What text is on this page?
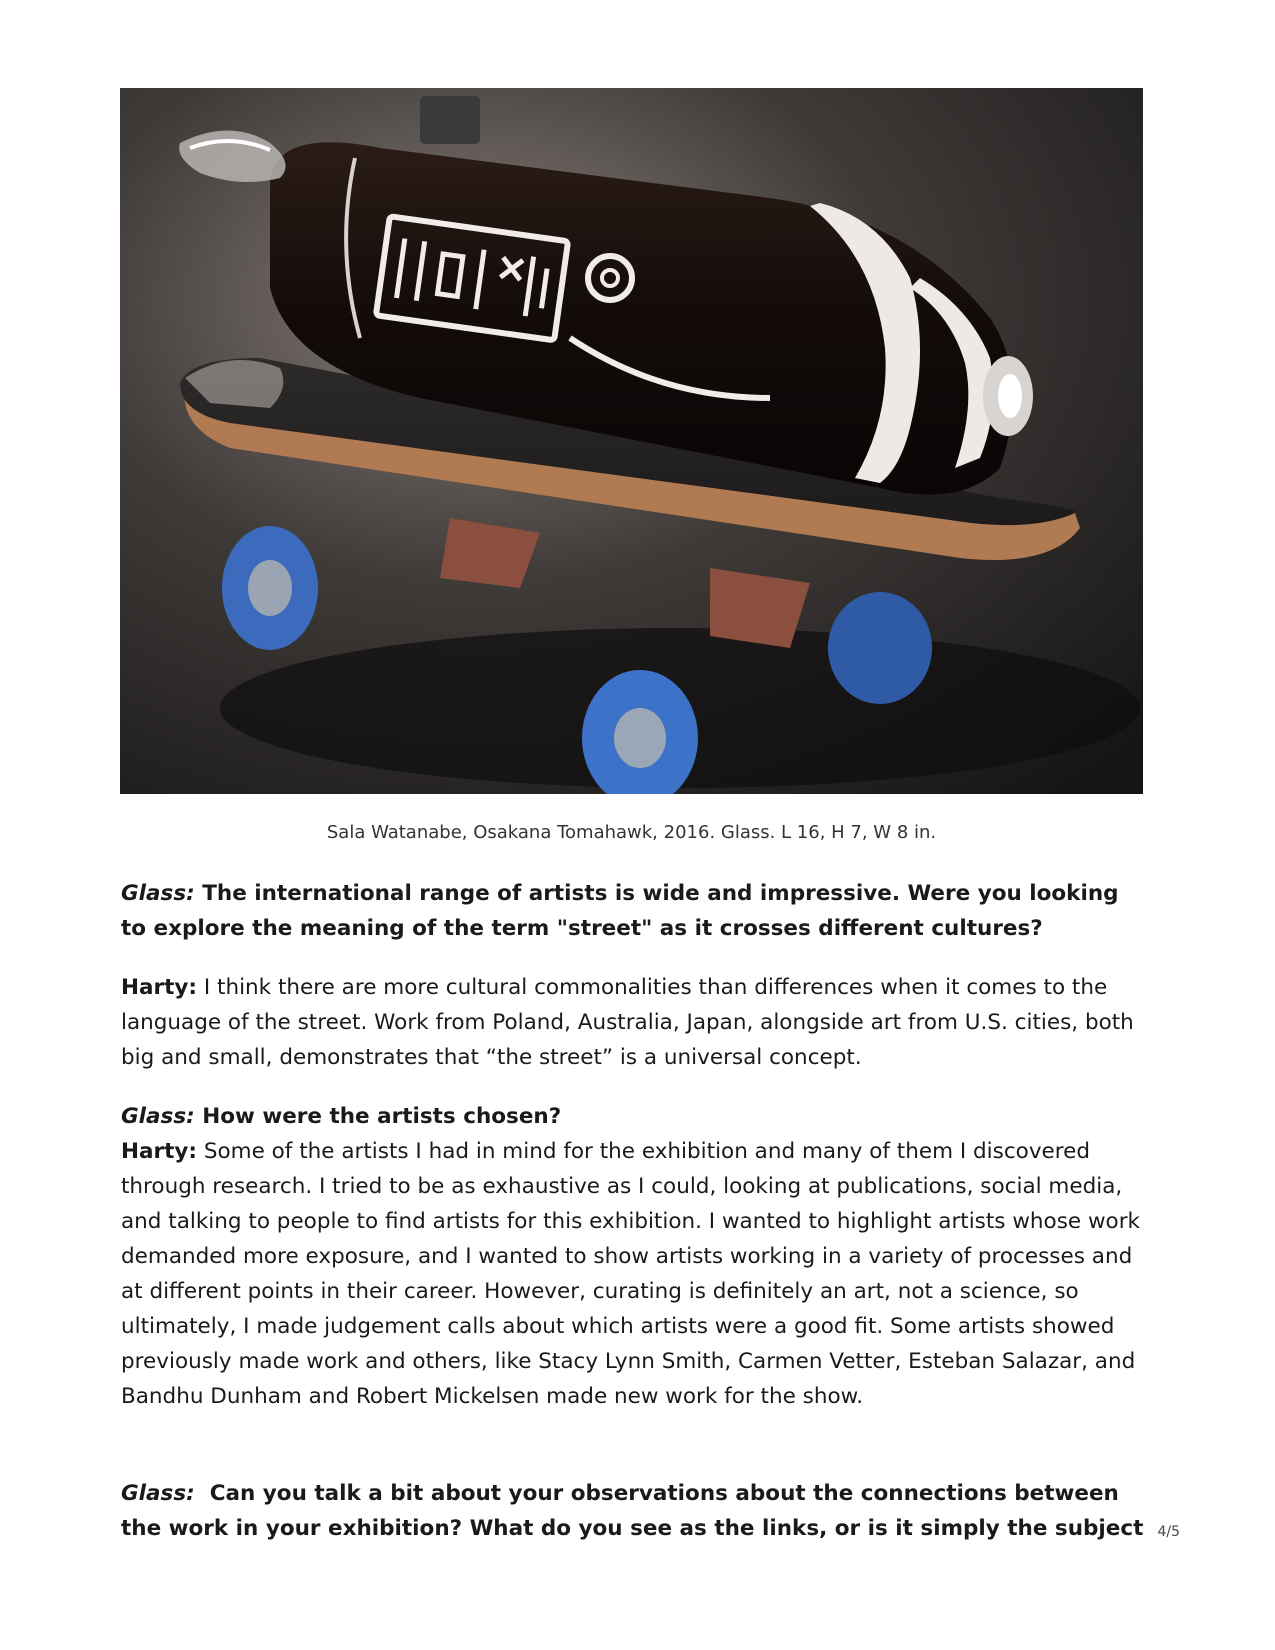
Sala Watanabe, Osakana Tomahawk, 2016. Glass. L 16, H 7, W 8 in.

Glass: The international range of artists is wide and impressive. Were you looking to explore the meaning of the term "street" as it crosses different cultures?

Harty: I think there are more cultural commonalities than differences when it comes to the language of the street. Work from Poland, Australia, Japan, alongside art from U.S. cities, both big and small, demonstrates that “the street” is a universal concept.

Glass: How were the artists chosen?

Harty: Some of the artists I had in mind for the exhibition and many of them I discovered through research. I tried to be as exhaustive as I could, looking at publications, social media, and talking to people to find artists for this exhibition. I wanted to highlight artists whose work demanded more exposure, and I wanted to show artists working in a variety of processes and at different points in their career. However, curating is definitely an art, not a science, so ultimately, I made judgement calls about which artists were a good fit. Some artists showed previously made work and others, like Stacy Lynn Smith, Carmen Vetter, Esteban Salazar, and Bandhu Dunham and Robert Mickelsen made new work for the show.

Glass: Can you talk a bit about your observations about the connections between the work in your exhibition? What do you see as the links, or is it simply the subject	4/5
